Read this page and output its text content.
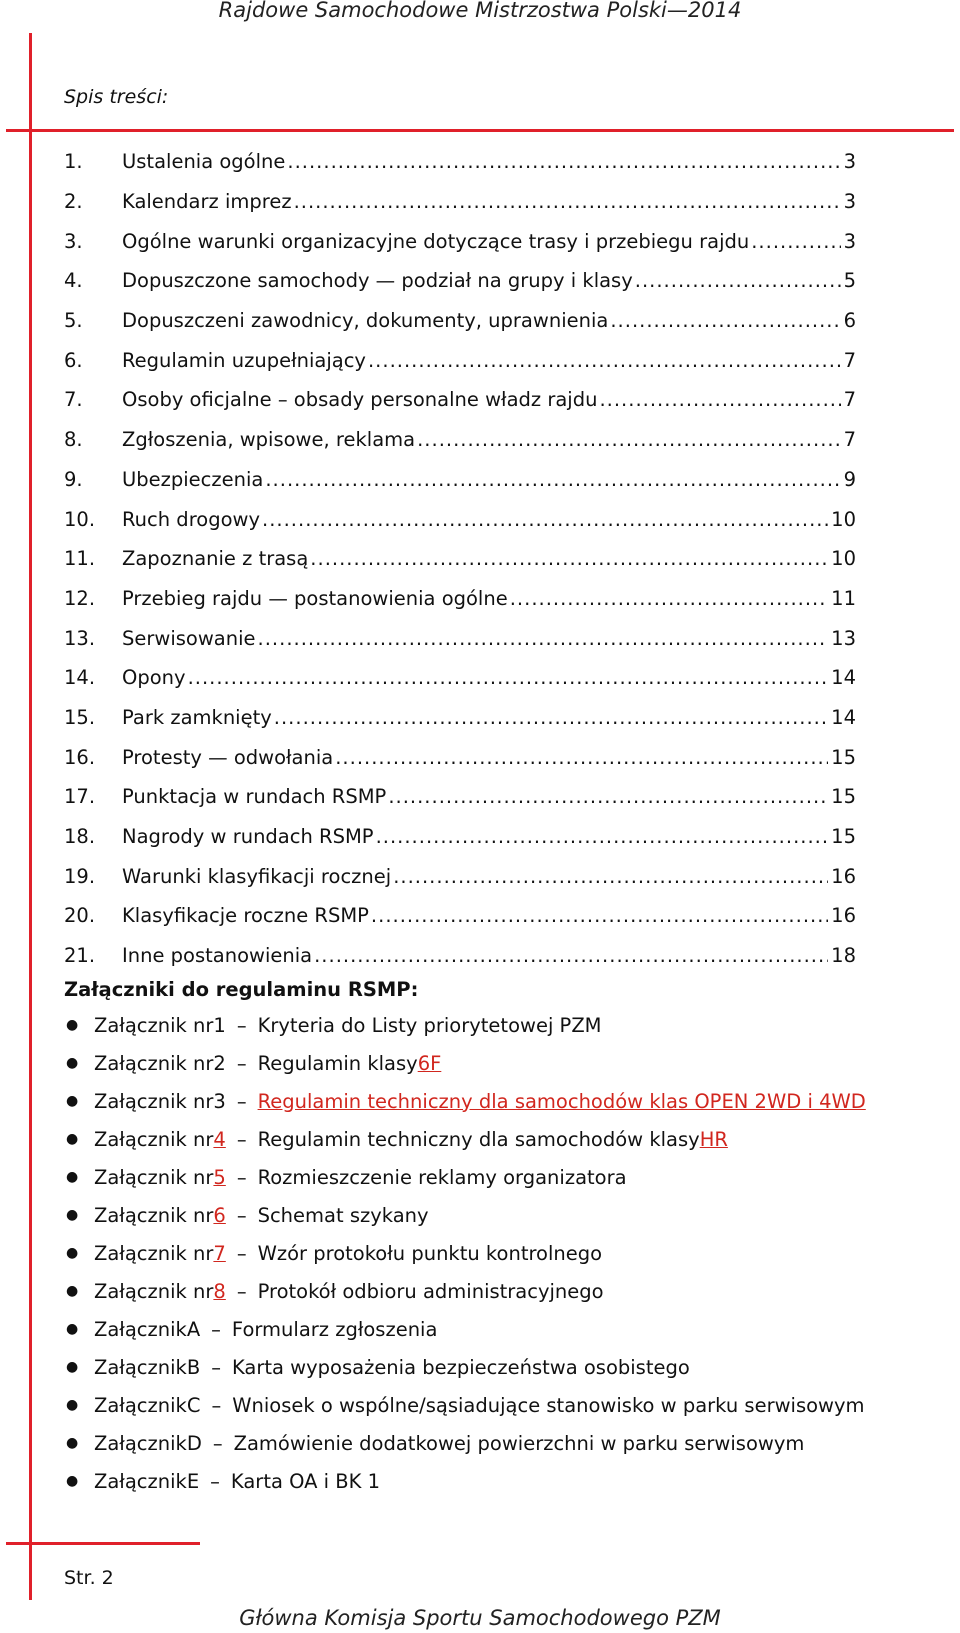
Rajdowe Samochodowe Mistrzostwa Polski—2014
Spis treści:
1.	Ustalenia ogólne .....	3
2.	Kalendarz imprez .....	3
3.	Ogólne warunki organizacyjne dotyczące trasy i przebiegu rajdu .....	3
4.	Dopuszczone samochody — podział na grupy i klasy .....	5
5.	Dopuszczeni zawodnicy, dokumenty, uprawnienia .....	6
6.	Regulamin uzupełniający .....	7
7.	Osoby oficjalne – obsady personalne władz rajdu .....	7
8.	Zgłoszenia, wpisowe, reklama .....	7
9.	Ubezpieczenia .....	9
10.	Ruch drogowy .....	10
11.	Zapoznanie z trasą .....	10
12.	Przebieg rajdu — postanowienia ogólne .....	11
13.	Serwisowanie .....	13
14.	Opony .....	14
15.	Park zamknięty .....	14
16.	Protesty — odwołania .....	15
17.	Punktacja w rundach RSMP .....	15
18.	Nagrody w rundach RSMP .....	15
19.	Warunki klasyfikacji rocznej .....	16
20.	Klasyfikacje roczne RSMP .....	16
21.	Inne postanowienia .....	18
Załączniki do regulaminu RSMP:
● Załącznik nr 1 – Kryteria do Listy priorytetowej PZM
● Załącznik nr 2 – Regulamin klasy 6F
● Załącznik nr 3 – Regulamin techniczny dla samochodów klas OPEN 2WD i 4WD
● Załącznik nr 4 – Regulamin techniczny dla samochodów klasy HR
● Załącznik nr 5 – Rozmieszczenie reklamy organizatora
● Załącznik nr 6 – Schemat szykany
● Załącznik nr 7 – Wzór protokołu punktu kontrolnego
● Załącznik nr 8 – Protokół odbioru administracyjnego
● Załącznik A – Formularz zgłoszenia
● Załącznik B – Karta wyposażenia bezpieczeństwa osobistego
● Załącznik C – Wniosek o wspólne/sąsiadujące stanowisko w parku serwisowym
● Załącznik D – Zamówienie dodatkowej powierzchni w parku serwisowym
● Załącznik E – Karta OA i BK 1
Str. 2
Główna Komisja Sportu Samochodowego PZM
